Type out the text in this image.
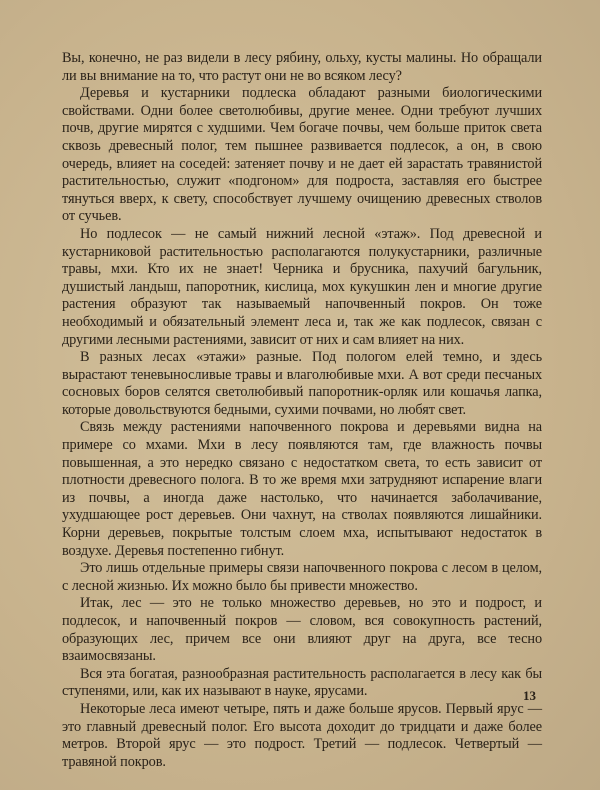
Вы, конечно, не раз видели в лесу рябину, ольху, кусты малины. Но обращали ли вы внимание на то, что растут они не во всяком лесу?

Деревья и кустарники подлеска обладают разными биологическими свойствами. Одни более светолюбивы, другие менее. Одни требуют лучших почв, другие мирятся с худшими. Чем богаче почвы, чем больше приток света сквозь древесный полог, тем пышнее развивается подлесок, а он, в свою очередь, влияет на соседей: затеняет почву и не дает ей зарастать травянистой растительностью, служит «подгоном» для подроста, заставляя его быстрее тянуться вверх, к свету, способствует лучшему очищению древесных стволов от сучьев.

Но подлесок — не самый нижний лесной «этаж». Под древесной и кустарниковой растительностью располагаются полукустарники, различные травы, мхи. Кто их не знает! Черника и брусника, пахучий багульник, душистый ландыш, папоротник, кислица, мох кукушкин лен и многие другие растения образуют так называемый напочвенный покров. Он тоже необходимый и обязательный элемент леса и, так же как подлесок, связан с другими лесными растениями, зависит от них и сам влияет на них.

В разных лесах «этажи» разные. Под пологом елей темно, и здесь вырастают теневыносливые травы и влаголюбивые мхи. А вот среди песчаных сосновых боров селятся светолюбивый папоротник-орляк или кошачья лапка, которые довольствуются бедными, сухими почвами, но любят свет.

Связь между растениями напочвенного покрова и деревьями видна на примере со мхами. Мхи в лесу появляются там, где влажность почвы повышенная, а это нередко связано с недостатком света, то есть зависит от плотности древесного полога. В то же время мхи затрудняют испарение влаги из почвы, а иногда даже настолько, что начинается заболачивание, ухудшающее рост деревьев. Они чахнут, на стволах появляются лишайники. Корни деревьев, покрытые толстым слоем мха, испытывают недостаток в воздухе. Деревья постепенно гибнут.

Это лишь отдельные примеры связи напочвенного покрова с лесом в целом, с лесной жизнью. Их можно было бы привести множество.

Итак, лес — это не только множество деревьев, но это и подрост, и подлесок, и напочвенный покров — словом, вся совокупность растений, образующих лес, причем все они влияют друг на друга, все тесно взаимосвязаны.

Вся эта богатая, разнообразная растительность располагается в лесу как бы ступенями, или, как их называют в науке, ярусами.

Некоторые леса имеют четыре, пять и даже больше ярусов. Первый ярус — это главный древесный полог. Его высота доходит до тридцати и даже более метров. Второй ярус — это подрост. Третий — подлесок. Четвертый — травяной покров.

13
